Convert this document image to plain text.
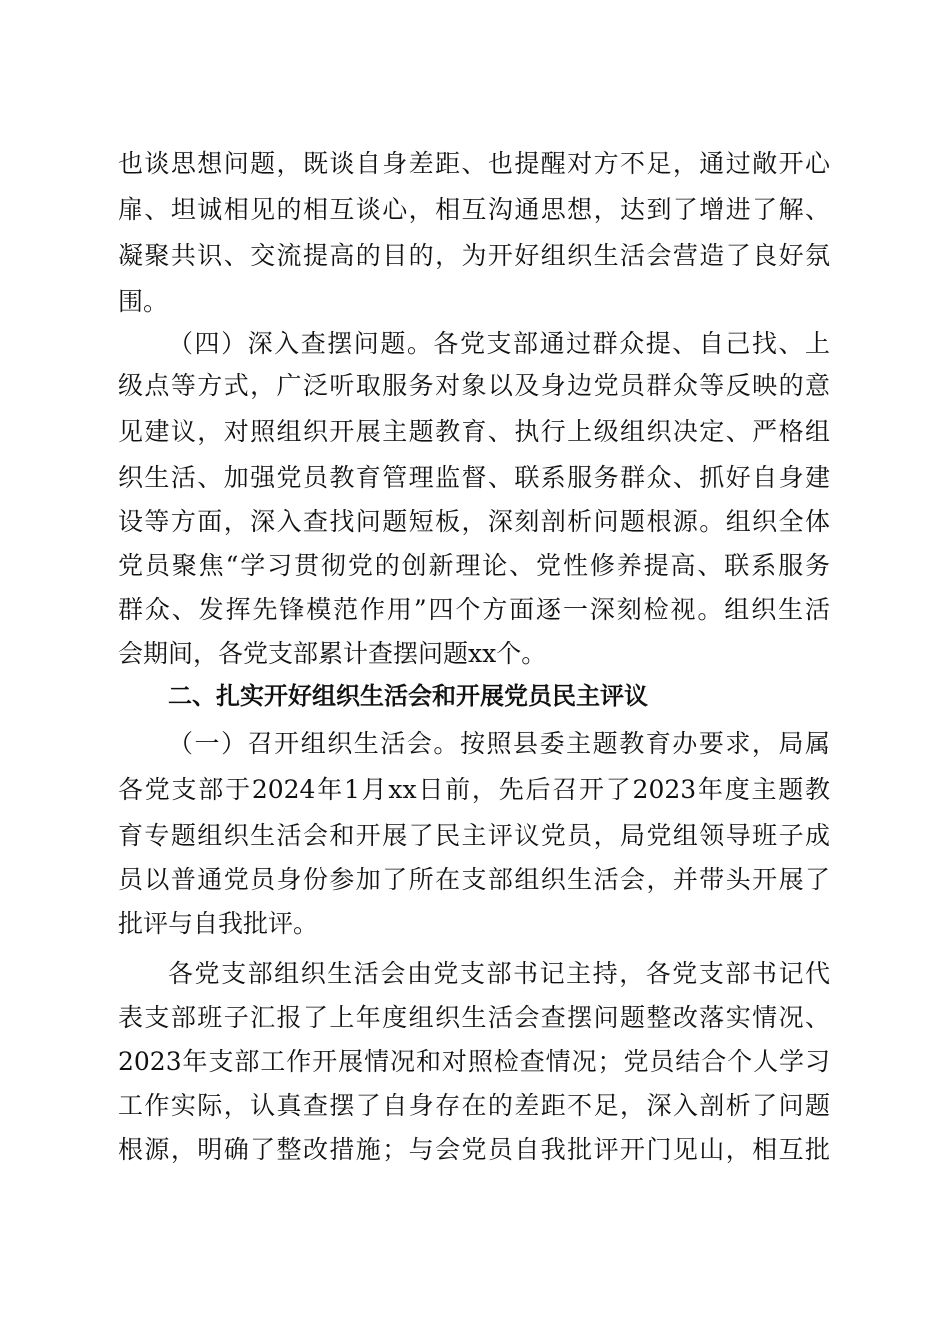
也谈思想问题，既谈自身差距、也提醒对方不足，通过敞开心
扉、坦诚相见的相互谈心，相互沟通思想，达到了增进了解、
凝聚共识、交流提高的目的，为开好组织生活会营造了良好氛
围。
（四）深入查摆问题。各党支部通过群众提、自己找、上
级点等方式，广泛听取服务对象以及身边党员群众等反映的意
见建议，对照组织开展主题教育、执行上级组织决定、严格组
织生活、加强党员教育管理监督、联系服务群众、抓好自身建
设等方面，深入查找问题短板，深刻剖析问题根源。组织全体
党员聚焦“学习贯彻党的创新理论、党性修养提高、联系服务
群众、发挥先锋模范作用”四个方面逐一深刻检视。组织生活
会期间，各党支部累计查摆问题xx个。
二、扎实开好组织生活会和开展党员民主评议
（一）召开组织生活会。按照县委主题教育办要求，局属
各党支部于2024年1月xx日前，先后召开了2023年度主题教
育专题组织生活会和开展了民主评议党员，局党组领导班子成
员以普通党员身份参加了所在支部组织生活会，并带头开展了
批评与自我批评。
各党支部组织生活会由党支部书记主持，各党支部书记代
表支部班子汇报了上年度组织生活会查摆问题整改落实情况、
2023年支部工作开展情况和对照检查情况；党员结合个人学习
工作实际，认真查摆了自身存在的差距不足，深入剖析了问题
根源，明确了整改措施；与会党员自我批评开门见山，相互批
